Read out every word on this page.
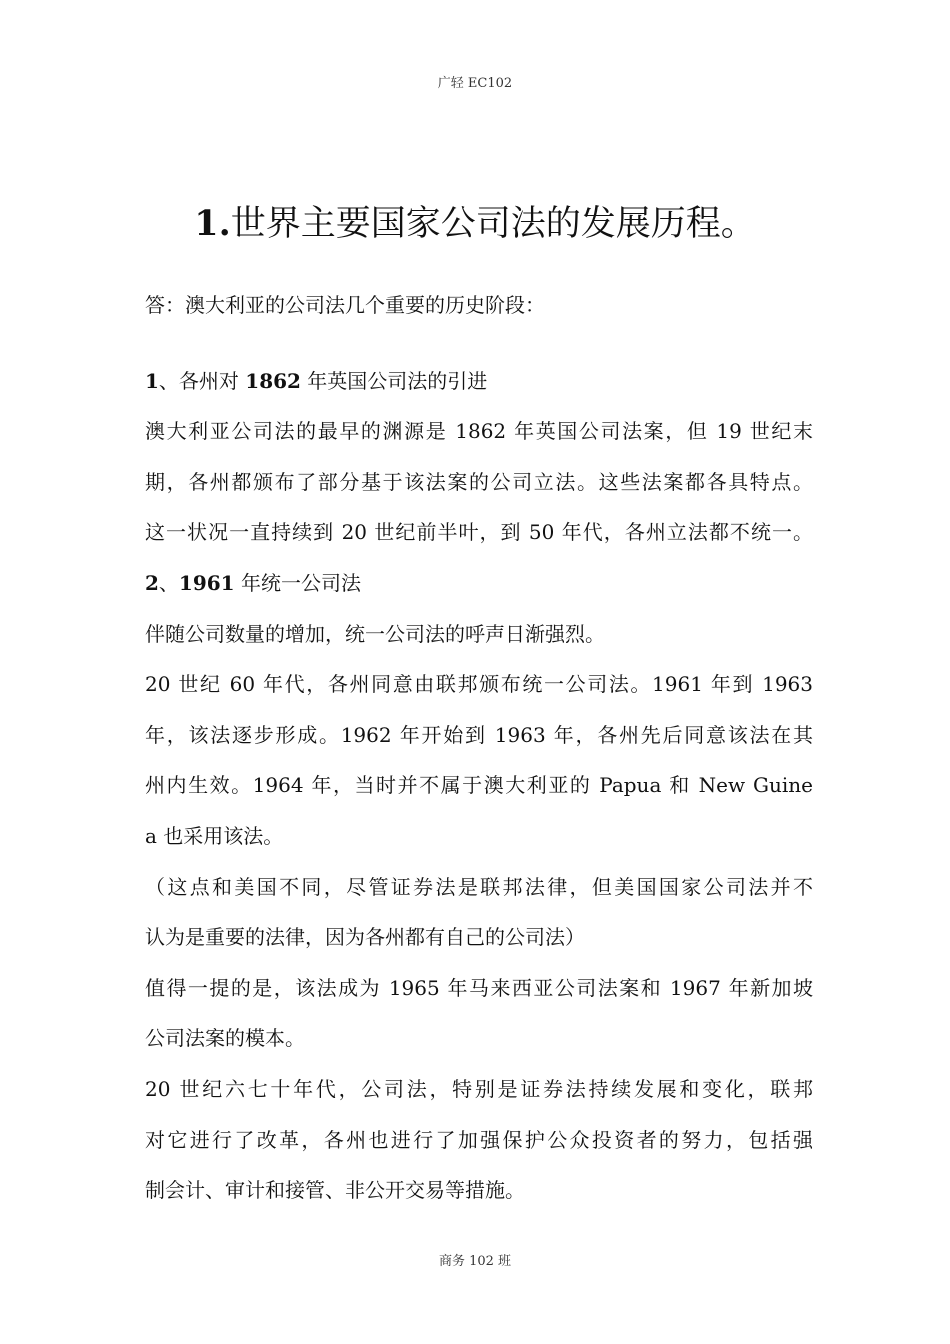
广轻 EC102
1.世界主要国家公司法的发展历程。
答：澳大利亚的公司法几个重要的历史阶段：
1、各州对 1862 年英国公司法的引进
澳大利亚公司法的最早的渊源是 1862 年英国公司法案，但 19 世纪末
期，各州都颁布了部分基于该法案的公司立法。这些法案都各具特点。
这一状况一直持续到 20 世纪前半叶，到 50 年代，各州立法都不统一。
2、1961 年统一公司法
伴随公司数量的增加，统一公司法的呼声日渐强烈。
20 世纪 60 年代，各州同意由联邦颁布统一公司法。1961 年到 1963
年，该法逐步形成。1962 年开始到 1963 年，各州先后同意该法在其
州内生效。1964 年，当时并不属于澳大利亚的 Papua 和 New Guine
a 也采用该法。
（这点和美国不同，尽管证券法是联邦法律，但美国国家公司法并不
认为是重要的法律，因为各州都有自己的公司法）
值得一提的是，该法成为 1965 年马来西亚公司法案和 1967 年新加坡
公司法案的模本。
20 世纪六七十年代，公司法，特别是证券法持续发展和变化，联邦
对它进行了改革，各州也进行了加强保护公众投资者的努力，包括强
制会计、审计和接管、非公开交易等措施。
商务 102 班
